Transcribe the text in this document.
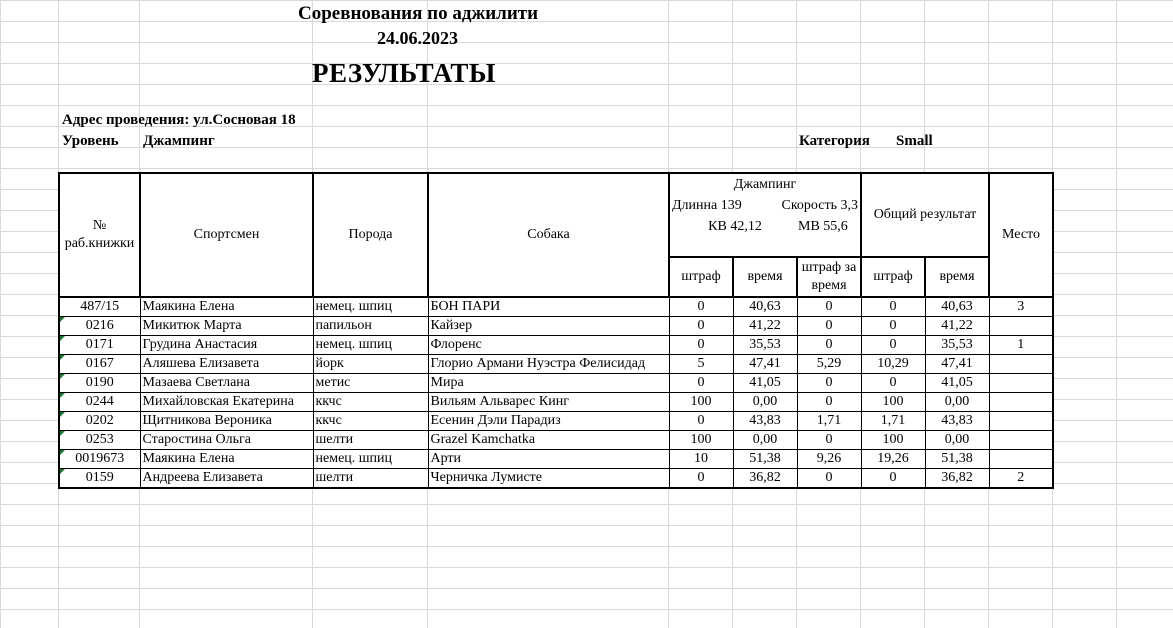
Соревнования по аджилити
24.06.2023
РЕЗУЛЬТАТЫ
Адрес проведения: ул.Сосновая 18
Уровень Джампинг	Категория Small
№ раб.книжки	Спортсмен	Порода	Собака	Джампинг
Длинна 139 Скорость 3,3
КВ 42,12 МВ 55,6			Общий результат		Место
				штраф	время	штраф за время	штраф	время	
487/15	Маякина Елена	немец. шпиц	БОН ПАРИ	0	40,63	0	0	40,63	3
0216	Микитюк Марта	папильон	Кайзер	0	41,22	0	0	41,22	
0171	Грудина Анастасия	немец. шпиц	Флоренс	0	35,53	0	0	35,53	1
0167	Аляшева Елизавета	йорк	Глорио Армани Нуэстра Фелисидад	5	47,41	5,29	10,29	47,41	
0190	Мазаева Светлана	метис	Мира	0	41,05	0	0	41,05	
0244	Михайловская Екатерина	ккчс	Вильям Альварес Кинг	100	0,00	0	100	0,00	
0202	Щитникова Вероника	ккчс	Есенин Дэли Парадиз	0	43,83	1,71	1,71	43,83	
0253	Старостина Ольга	шелти	Grazel Kamchatka	100	0,00	0	100	0,00	
0019673	Маякина Елена	немец. шпиц	Арти	10	51,38	9,26	19,26	51,38	
0159	Андреева Елизавета	шелти	Черничка Лумисте	0	36,82	0	0	36,82	2
